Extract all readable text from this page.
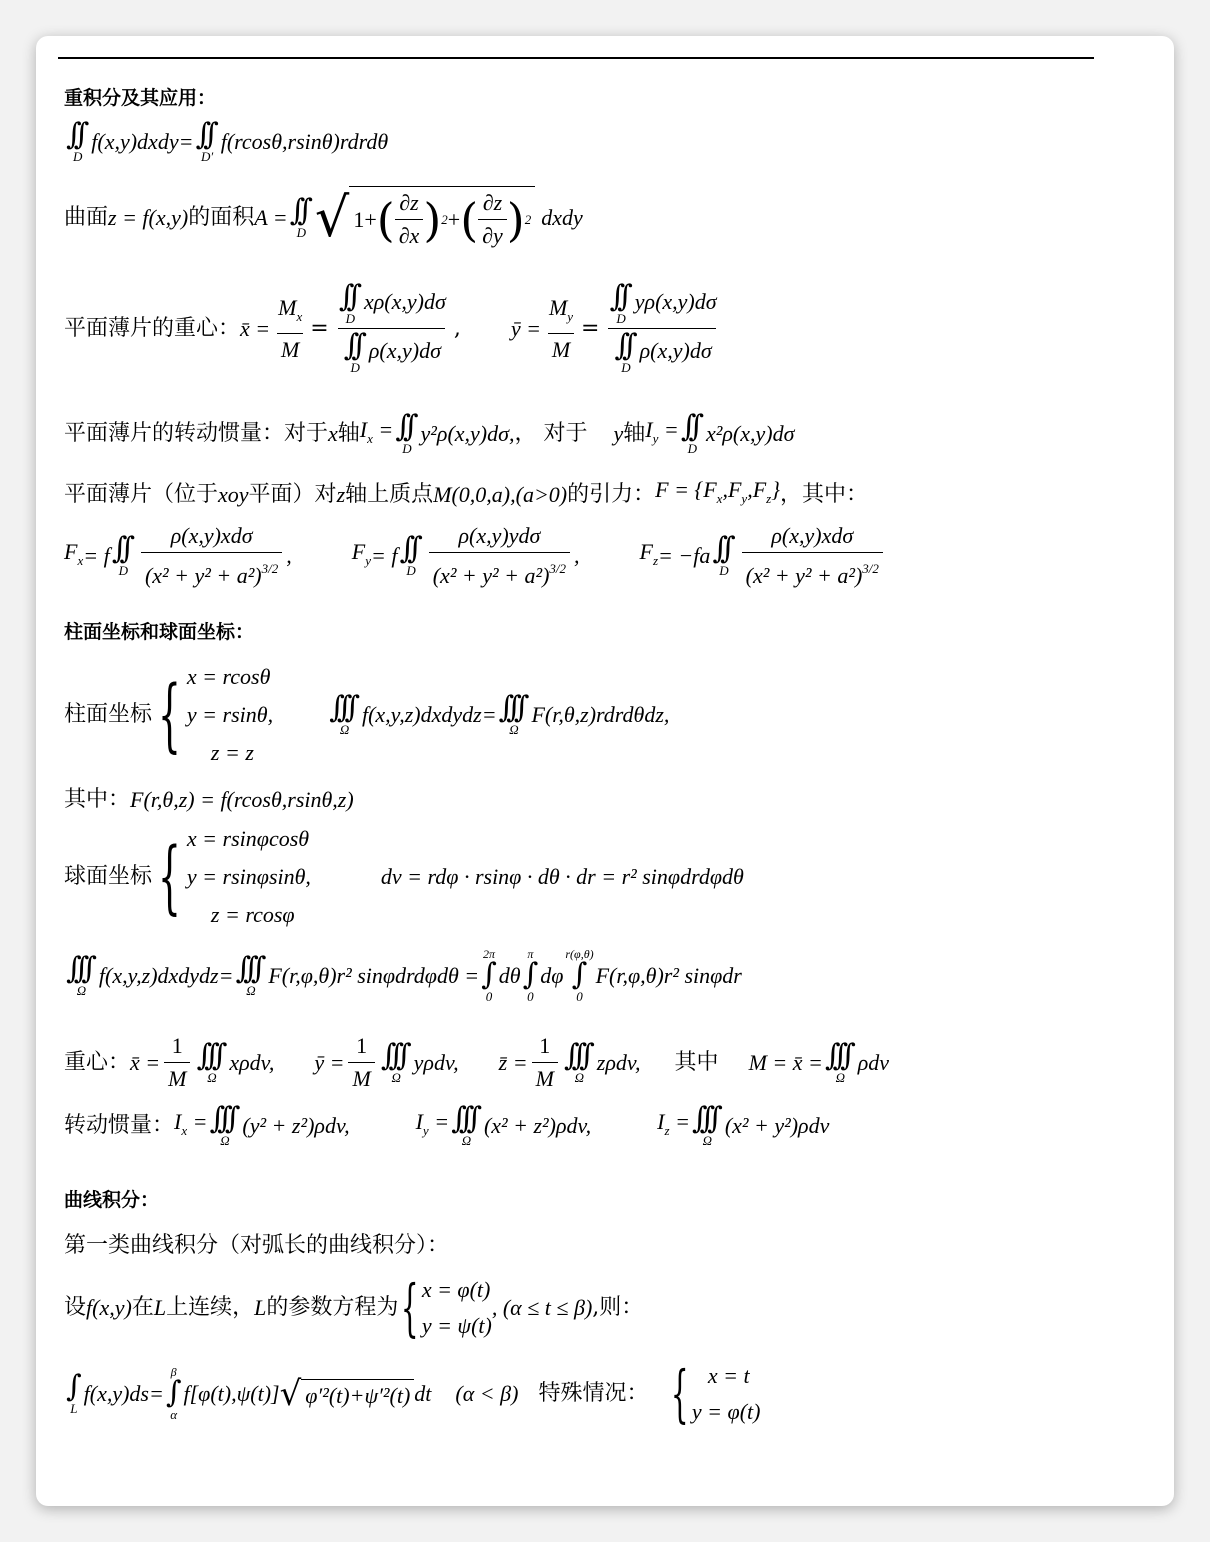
重积分及其应用：
∫∫
D
f(x,y)dxdy= ∫∫
D′
f(rcosθ,rsinθ)rdrdθ
曲面 z = f(x,y) 的面积 A = ∫∫
D √ 1+ ( $\frac{\partial z}{\partial x}$ ) 2 + ( $\frac{\partial z}{\partial y}$ ) 2 dxdy
平面薄片的重心： x̄ = $\frac{M_x}{M}$ = ∫∫
D
xρ(x,y)dσ
∫∫
D
ρ(x,y)dσ , ȳ = $\frac{M_y}{M}$ = ∫∫
D
yρ(x,y)dσ
∫∫
D
ρ(x,y)dσ
平面薄片的转动惯量：对于 x 轴 $I_x$ = ∫∫
D
y²ρ(x,y)dσ, ， 对于 y 轴 $I_y$ = ∫∫
D
x²ρ(x,y)dσ
平面薄片（位于 xoy 平面）对 z 轴上质点 M(0,0,a),(a>0) 的引力： $F = \{F_x,F_y,F_z\}$ ，其中：
$F_x = f$ ∫∫
D $\frac{\text{ρ(x,y)xdσ}}{(x^2 + y^2 + a^2)^{3/2}}$ ,	$F_y = f$ ∫∫
D $\frac{\text{ρ(x,y)ydσ}}{(x^2 + y^2 + a^2)^{3/2}}$ ,	$F_z = -fa$ ∫∫
D $\frac{\text{ρ(x,y)xdσ}}{(x^2 + y^2 + a^2)^{3/2}}$
柱面坐标和球面坐标：
柱面坐标 { x = rcosθ
y = rsinθ,
z = z
∫∫∫
Ω
f(x,y,z)dxdydz= ∫∫∫
Ω
F(r,θ,z)rdrdθdz,
其中： F(r,θ,z) = f(rcosθ,rsinθ,z)
球面坐标 { x = rsinφcosθ
y = rsinφsinθ,
z = rcosφ
dv = rdφ · rsinφ · dθ · dr = r² sinφdrdφdθ
∫∫∫
Ω
f(x,y,z)dxdydz= ∫∫∫
Ω
F(r,φ,θ)r² sinφdrdφdθ =
2π
∫
0
dθ
π
∫
0
dφ
r(φ,θ)
∫
0
F(r,φ,θ)r² sinφdr
重心： x̄ = $\frac{1}{M}$ ∫∫∫
Ω
xρdv, ȳ = $\frac{1}{M}$ ∫∫∫
Ω
yρdv, z̄ = $\frac{1}{M}$ ∫∫∫
Ω
zρdv, 其中 M = x̄ = ∫∫∫
Ω
ρdv
转动惯量： $I_x$ = ∫∫∫
Ω
(y² + z²)ρdv,	$I_y$ = ∫∫∫
Ω
(x² + z²)ρdv,	$I_z$ = ∫∫∫
Ω
(x² + y²)ρdv
曲线积分：
第一类曲线积分（对弧长的曲线积分）：
设 f(x,y) 在 L 上连续， L 的参数方程为 { x = φ(t)
y = ψ(t)
, (α ≤ t ≤ β) ,则：
∫
L
f(x,y)ds=
β
∫
α
f[φ(t),ψ(t)] √ φ′²(t)+ψ′²(t) dt (α < β) 特殊情况： { x = t
y = φ(t)
